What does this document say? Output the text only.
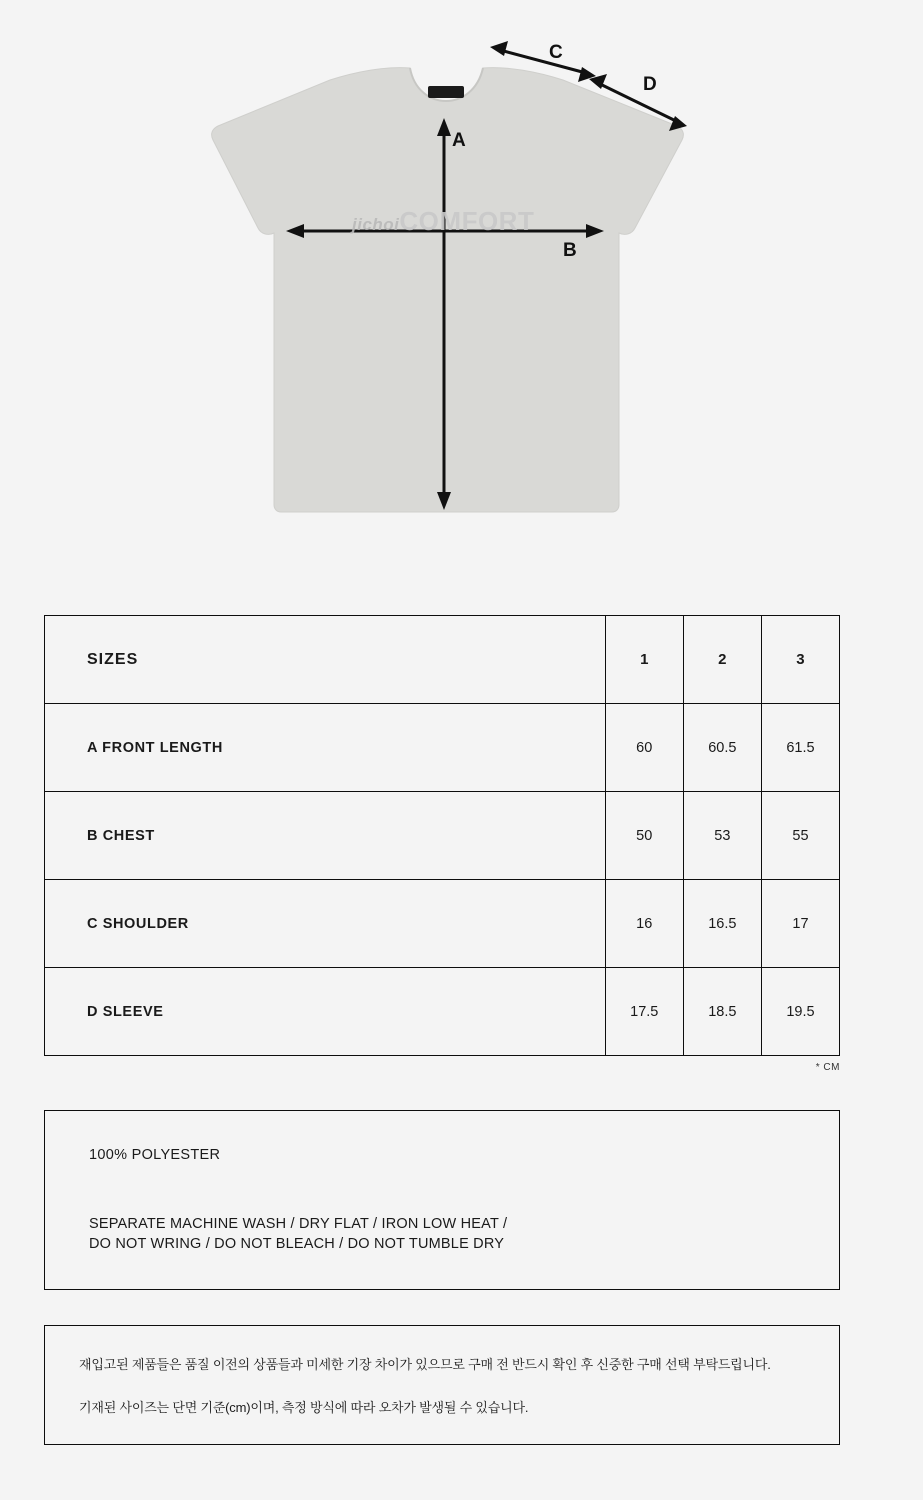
jichoiCOMFORT
A
B
C
D
SIZES	1	2	3
A FRONT LENGTH	60	60.5	61.5
B CHEST	50	53	55
C SHOULDER	16	16.5	17
D SLEEVE	17.5	18.5	19.5
* CM
100% POLYESTER
SEPARATE MACHINE WASH / DRY FLAT / IRON LOW HEAT /
DO NOT WRING / DO NOT BLEACH / DO NOT TUMBLE DRY

재입고된 제품들은 품질 이전의 상품들과 미세한 기장 차이가 있으므로 구매 전 반드시 확인 후 신중한 구매 선택 부탁드립니다.

기재된 사이즈는 단면 기준(cm)이며, 측정 방식에 따라 오차가 발생될 수 있습니다.
